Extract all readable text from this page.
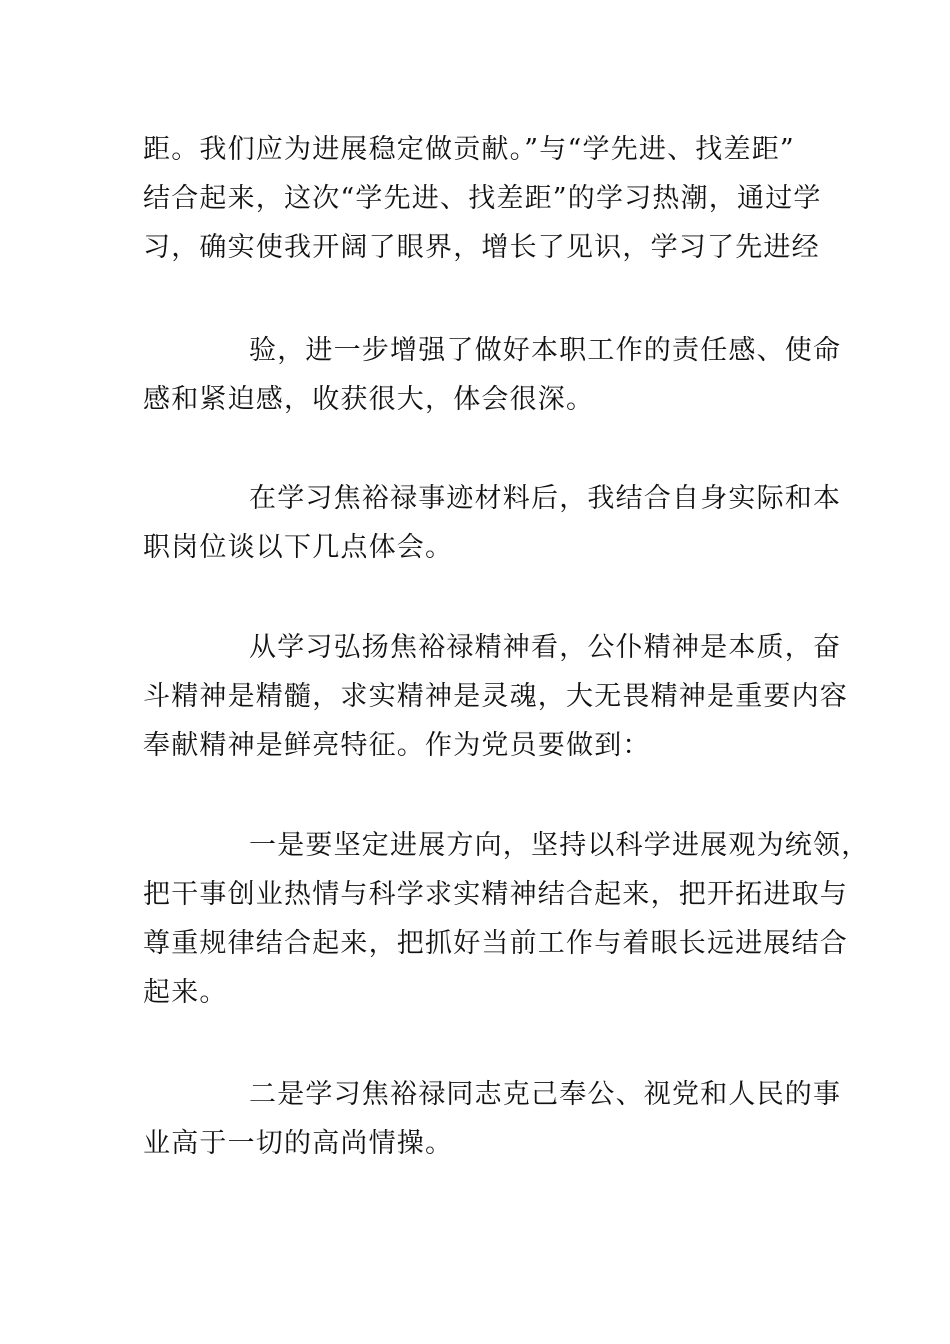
距。我们应为进展稳定做贡献。”与“学先进、找差距”
结合起来，这次“学先进、找差距”的学习热潮，通过学
习，确实使我开阔了眼界，增长了见识，学习了先进经
验，进一步增强了做好本职工作的责任感、使命
感和紧迫感，收获很大，体会很深。
在学习焦裕禄事迹材料后，我结合自身实际和本
职岗位谈以下几点体会。
从学习弘扬焦裕禄精神看，公仆精神是本质，奋
斗精神是精髓，求实精神是灵魂，大无畏精神是重要内容
奉献精神是鲜亮特征。作为党员要做到：
一是要坚定进展方向，坚持以科学进展观为统领，
把干事创业热情与科学求实精神结合起来，把开拓进取与
尊重规律结合起来，把抓好当前工作与着眼长远进展结合
起来。
二是学习焦裕禄同志克己奉公、视党和人民的事
业高于一切的高尚情操。
